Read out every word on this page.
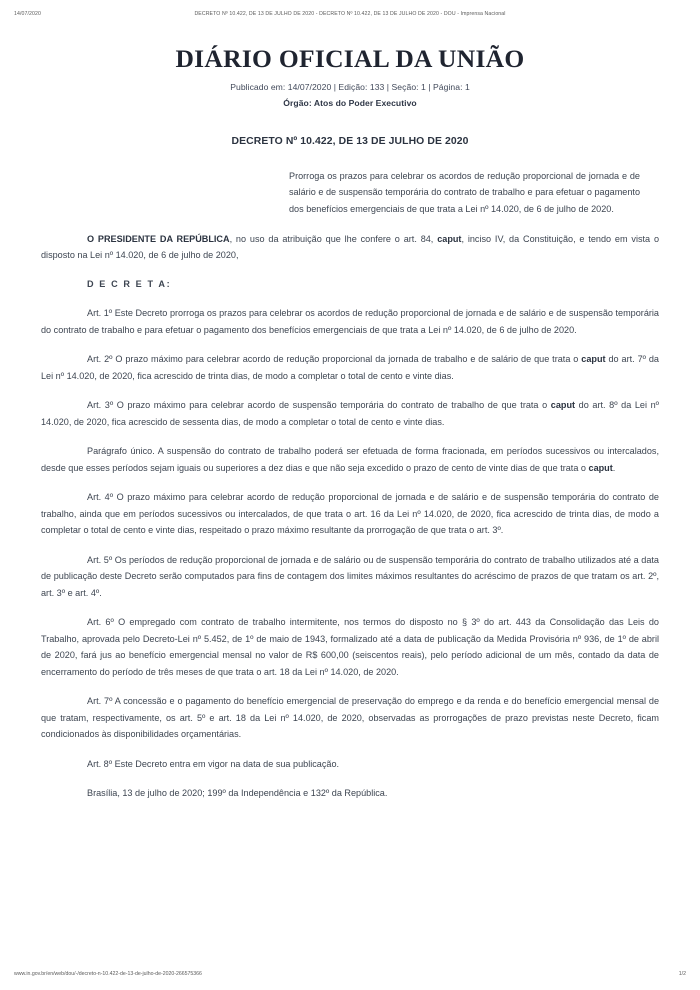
14/07/2020	DECRETO Nº 10.422, DE 13 DE JULHO DE 2020 - DECRETO Nº 10.422, DE 13 DE JULHO DE 2020 - DOU - Imprensa Nacional
DIÁRIO OFICIAL DA UNIÃO
Publicado em: 14/07/2020 | Edição: 133 | Seção: 1 | Página: 1
Órgão: Atos do Poder Executivo
DECRETO Nº 10.422, DE 13 DE JULHO DE 2020
Prorroga os prazos para celebrar os acordos de redução proporcional de jornada e de salário e de suspensão temporária do contrato de trabalho e para efetuar o pagamento dos benefícios emergenciais de que trata a Lei nº 14.020, de 6 de julho de 2020.
O PRESIDENTE DA REPÚBLICA, no uso da atribuição que lhe confere o art. 84, caput, inciso IV, da Constituição, e tendo em vista o disposto na Lei nº 14.020, de 6 de julho de 2020,
D E C R E T A:
Art. 1º Este Decreto prorroga os prazos para celebrar os acordos de redução proporcional de jornada e de salário e de suspensão temporária do contrato de trabalho e para efetuar o pagamento dos benefícios emergenciais de que trata a Lei nº 14.020, de 6 de julho de 2020.
Art. 2º O prazo máximo para celebrar acordo de redução proporcional da jornada de trabalho e de salário de que trata o caput do art. 7º da Lei nº 14.020, de 2020, fica acrescido de trinta dias, de modo a completar o total de cento e vinte dias.
Art. 3º O prazo máximo para celebrar acordo de suspensão temporária do contrato de trabalho de que trata o caput do art. 8º da Lei nº 14.020, de 2020, fica acrescido de sessenta dias, de modo a completar o total de cento e vinte dias.
Parágrafo único. A suspensão do contrato de trabalho poderá ser efetuada de forma fracionada, em períodos sucessivos ou intercalados, desde que esses períodos sejam iguais ou superiores a dez dias e que não seja excedido o prazo de cento de vinte dias de que trata o caput.
Art. 4º O prazo máximo para celebrar acordo de redução proporcional de jornada e de salário e de suspensão temporária do contrato de trabalho, ainda que em períodos sucessivos ou intercalados, de que trata o art. 16 da Lei nº 14.020, de 2020, fica acrescido de trinta dias, de modo a completar o total de cento e vinte dias, respeitado o prazo máximo resultante da prorrogação de que trata o art. 3º.
Art. 5º Os períodos de redução proporcional de jornada e de salário ou de suspensão temporária do contrato de trabalho utilizados até a data de publicação deste Decreto serão computados para fins de contagem dos limites máximos resultantes do acréscimo de prazos de que tratam os art. 2º, art. 3º e art. 4º.
Art. 6º O empregado com contrato de trabalho intermitente, nos termos do disposto no § 3º do art. 443 da Consolidação das Leis do Trabalho, aprovada pelo Decreto-Lei nº 5.452, de 1º de maio de 1943, formalizado até a data de publicação da Medida Provisória nº 936, de 1º de abril de 2020, fará jus ao benefício emergencial mensal no valor de R$ 600,00 (seiscentos reais), pelo período adicional de um mês, contado da data de encerramento do período de três meses de que trata o art. 18 da Lei nº 14.020, de 2020.
Art. 7º A concessão e o pagamento do benefício emergencial de preservação do emprego e da renda e do benefício emergencial mensal de que tratam, respectivamente, os art. 5º e art. 18 da Lei nº 14.020, de 2020, observadas as prorrogações de prazo previstas neste Decreto, ficam condicionados às disponibilidades orçamentárias.
Art. 8º Este Decreto entra em vigor na data de sua publicação.
Brasília, 13 de julho de 2020; 199º da Independência e 132º da República.
www.in.gov.br/en/web/dou/-/decreto-n-10.422-de-13-de-julho-de-2020-266575366	1/2
